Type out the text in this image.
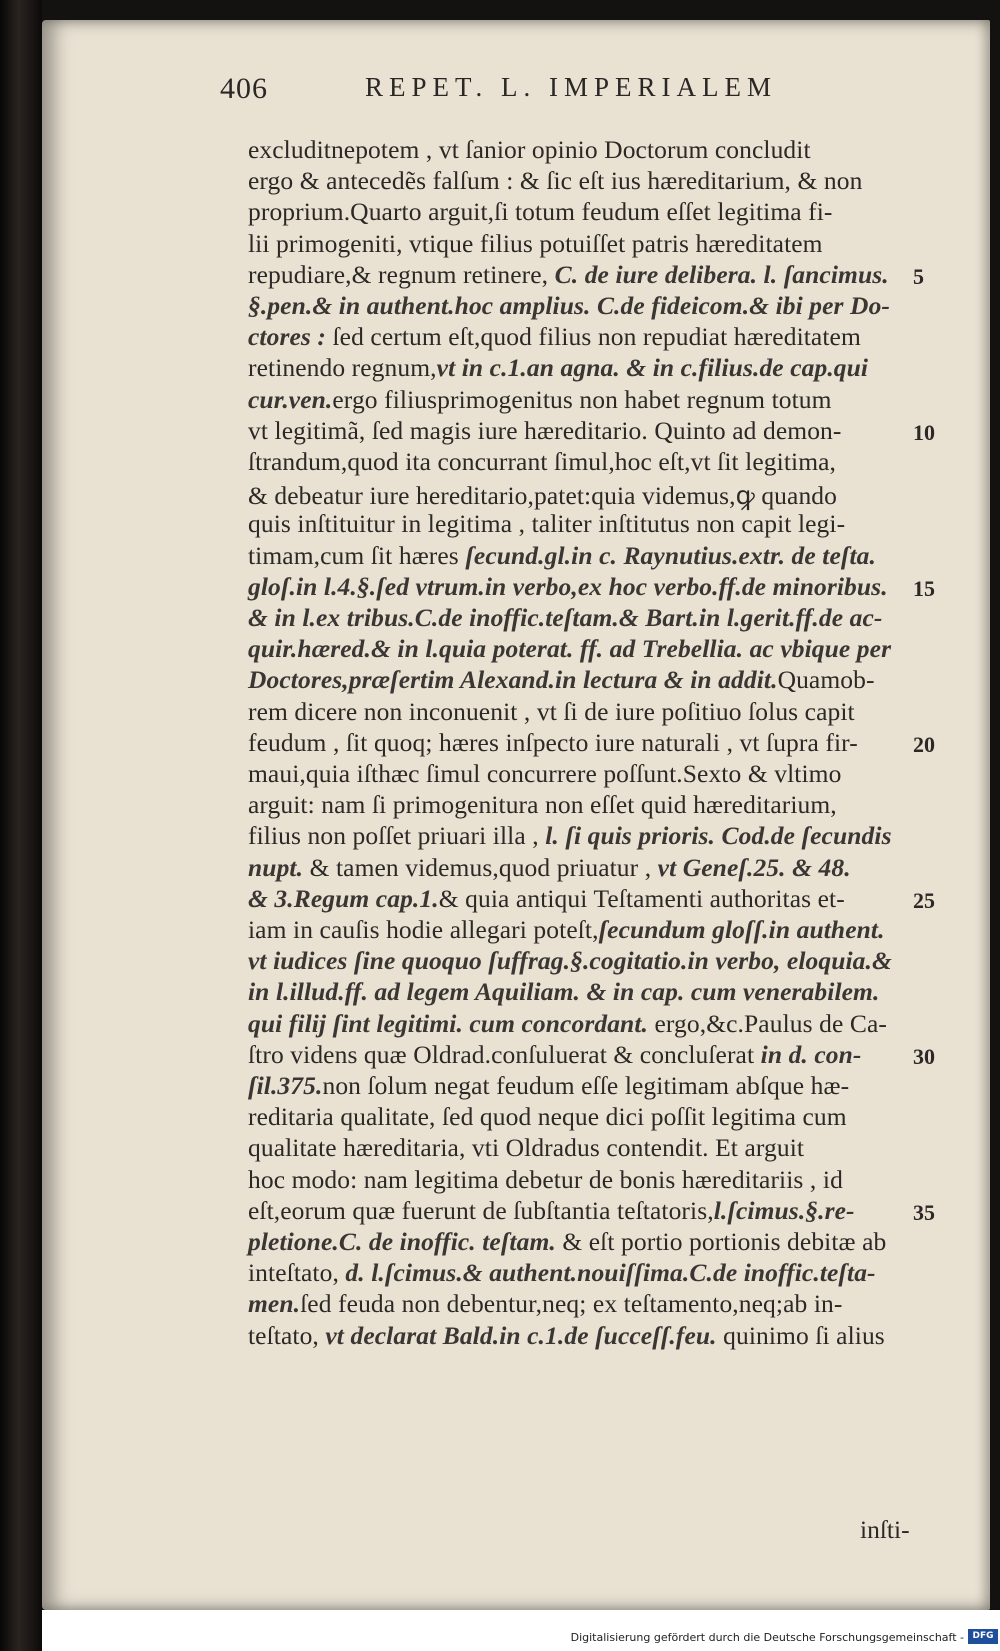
406	REPET. L. IMPERIALEM
excluditnepotem , vt ſanior opinio Doctorum concludit
ergo & antecedẽs falſum : & ſic eſt ius hæreditarium, & non
proprium.Quarto arguit,ſi totum feudum eſſet legitima fi-
lii primogeniti, vtique filius potuiſſet patris hæreditatem
repudiare,& regnum retinere, C. de iure delibera. l. ſancimus.
§.pen.& in authent.hoc amplius. C.de fideicom.& ibi per Do-
ctores : ſed certum eſt,quod filius non repudiat hæreditatem
retinendo regnum,vt in c.1.an agna. & in c.filius.de cap.qui
cur.ven.ergo filiusprimogenitus non habet regnum totum
vt legitimã, ſed magis iure hæreditario. Quinto ad demon-
ſtrandum,quod ita concurrant ſimul,hoc eſt,vt ſit legitima,
& debeatur iure hereditario,patet:quia videmus,ꝙ quando
quis inſtituitur in legitima , taliter inſtitutus non capit legi-
timam,cum ſit hæres ſecund.gl.in c. Raynutius.extr. de teſta.
gloſ.in l.4.§.ſed vtrum.in verbo,ex hoc verbo.ff.de minoribus.
& in l.ex tribus.C.de inoffic.teſtam.& Bart.in l.gerit.ff.de ac-
quir.hæred.& in l.quia poterat. ff. ad Trebellia. ac vbique per
Doctores,præſertim Alexand.in lectura & in addit.Quamob-
rem dicere non inconuenit , vt ſi de iure poſitiuo ſolus capit
feudum , ſit quoq; hæres inſpecto iure naturali , vt ſupra fir-
maui,quia iſthæc ſimul concurrere poſſunt.Sexto & vltimo
arguit: nam ſi primogenitura non eſſet quid hæreditarium,
filius non poſſet priuari illa , l. ſi quis prioris. Cod.de ſecundis
nupt. & tamen videmus,quod priuatur , vt Geneſ.25. & 48.
& 3.Regum cap.1.& quia antiqui Teſtamenti authoritas et-
iam in cauſis hodie allegari poteſt,ſecundum gloſſ.in authent.
vt iudices ſine quoquo ſuffrag.§.cogitatio.in verbo, eloquia.&
in l.illud.ff. ad legem Aquiliam. & in cap. cum venerabilem.
qui filij ſint legitimi. cum concordant. ergo,&c.Paulus de Ca-
ſtro videns quæ Oldrad.conſuluerat & concluſerat in d. con-
ſil.375.non ſolum negat feudum eſſe legitimam abſque hæ-
reditaria qualitate, ſed quod neque dici poſſit legitima cum
qualitate hæreditaria, vti Oldradus contendit. Et arguit
hoc modo: nam legitima debetur de bonis hæreditariis , id
eſt,eorum quæ fuerunt de ſubſtantia teſtatoris,l.ſcimus.§.re-
pletione.C. de inoffic. teſtam. & eſt portio portionis debitæ ab
inteſtato, d. l.ſcimus.& authent.nouiſſima.C.de inoffic.teſta-
men.ſed feuda non debentur,neq; ex teſtamento,neq;ab in-
teſtato, vt declarat Bald.in c.1.de ſucceſſ.feu. quinimo ſi alius
5
10
15
20
25
30
35
inſti-
Digitalisierung gefördert durch die Deutsche Forschungsgemeinschaft - DFG
